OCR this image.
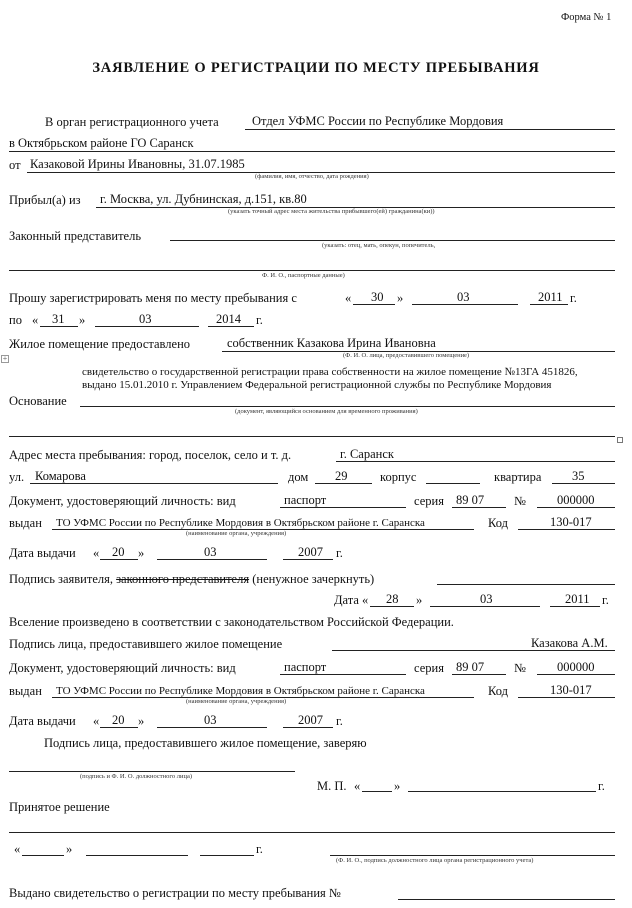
Форма № 1
ЗАЯВЛЕНИЕ О РЕГИСТРАЦИИ ПО МЕСТУ ПРЕБЫВАНИЯ
В орган регистрационного учета	Отдел УФМС России по Республике Мордовия
в Октябрьском районе ГО Саранск
от Казаковой Ирины Ивановны, 31.07.1985
(фамилия, имя, отчество, дата рождения)
Прибыл(а) из г. Москва, ул. Дубнинская, д.151, кв.80
(указать точный адрес места жительства прибывшего(ей) гражданина(ки))
Законный представитель
(указать: отец, мать, опекун, попечитель,
Ф. И. О., паспортные данные)
Прошу зарегистрировать меня по месту пребывания с	« 30 »	03	2011 г.
по « 31 »	03	2014 г.
Жилое помещение предоставлено	собственник Казакова Ирина Ивановна
(Ф. И. О. лица, предоставившего помещение)
+
свидетельство о государственной регистрации права собственности на жилое помещение №13ГА 451826, выдано 15.01.2010 г. Управлением Федеральной регистрационной службы по Республике Мордовия
Основание
(документ, являющийся основанием для временного проживания)
Адрес места пребывания: город, поселок, село и т. д.	г. Саранск
ул. Комарова	дом 29	корпус	квартира 35
Документ, удостоверяющий личность: вид	паспорт	серия 89 07 № 000000
выдан ТО УФМС России по Республике Мордовия в Октябрьском районе г. Саранска
(наименование органа, учреждения)
Код	130-017
Дата выдачи « 20 »	03	2007 г.
Подпись заявителя, законного представителя (ненужное зачеркнуть)
Дата « 28 »	03	2011 г.
Вселение произведено в соответствии с законодательством Российской Федерации.
Подпись лица, предоставившего жилое помещение	Казакова А.М.
Документ, удостоверяющий личность: вид	паспорт	серия 89 07 № 000000
выдан ТО УФМС России по Республике Мордовия в Октябрьском районе г. Саранска
(наименование органа, учреждения)
Код	130-017
Дата выдачи « 20 »	03	2007 г.
Подпись лица, предоставившего жилое помещение, заверяю
(подпись и Ф. И. О. должностного лица)
М. П. «	»	г.
Принятое решение
«	»	г.
(Ф. И. О., подпись должностного лица органа регистрационного учета)
Выдано свидетельство о регистрации по месту пребывания №
